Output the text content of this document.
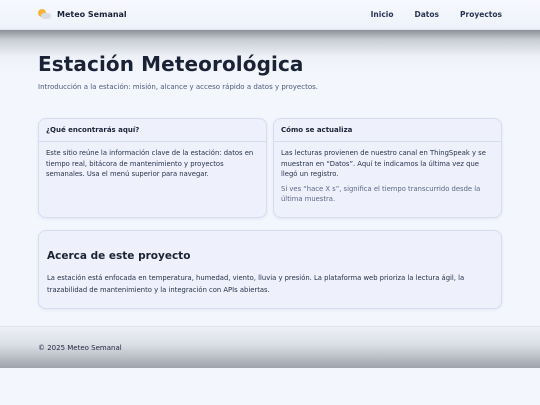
Meteo Semanal	Inicio	Datos	Proyectos
Estación Meteorológica

Introducción a la estación: misión, alcance y acceso rápido a datos y proyectos.

¿Qué encontrarás aquí?

Este sitio reúne la información clave de la estación: datos en tiempo real, bitácora de mantenimiento y proyectos semanales. Usa el menú superior para navegar.

Cómo se actualiza

Las lecturas provienen de nuestro canal en ThingSpeak y se muestran en “Datos”. Aquí te indicamos la última vez que llegó un registro.

Si ves “hace X s”, significa el tiempo transcurrido desde la última muestra.

Acerca de este proyecto

La estación está enfocada en temperatura, humedad, viento, lluvia y presión. La plataforma web prioriza la lectura ágil, la trazabilidad de mantenimiento y la integración con APIs abiertas.

© 2025 Meteo Semanal
